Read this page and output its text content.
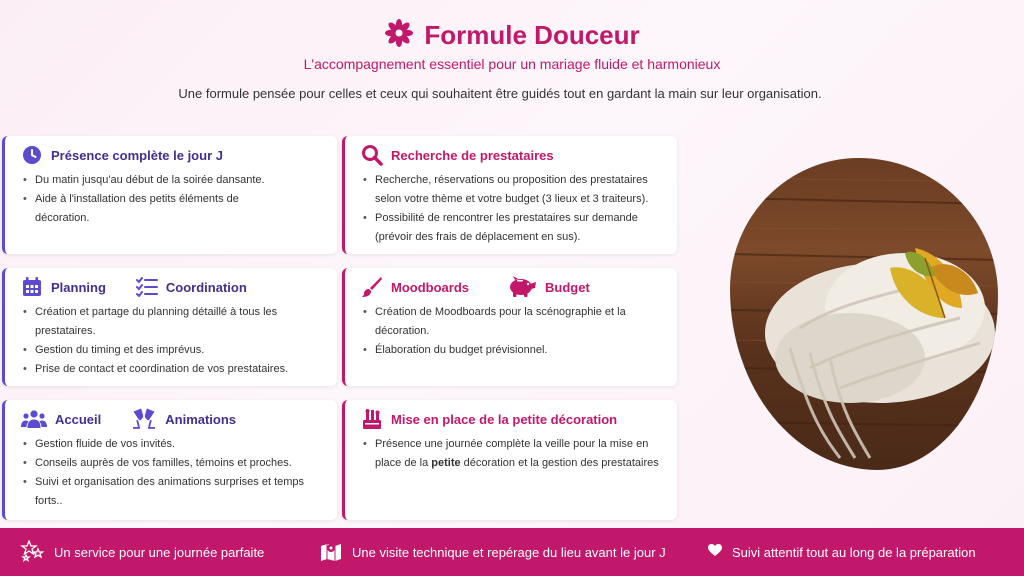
Formule Douceur
L'accompagnement essentiel pour un mariage fluide et harmonieux
Une formule pensée pour celles et ceux qui souhaitent être guidés tout en gardant la main sur leur organisation.
Présence complète le jour J
• Du matin jusqu'au début de la soirée dansante.
• Aide à l'installation des petits éléments de
décoration.
Recherche de prestataires
• Recherche, réservations ou proposition des prestataires
selon votre thème et votre budget (3 lieux et 3 traiteurs).
• Possibilité de rencontrer les prestataires sur demande
(prévoir des frais de déplacement en sus).
Planning	Coordination
• Création et partage du planning détaillé à tous les
prestataires.
• Gestion du timing et des imprévus.
• Prise de contact et coordination de vos prestataires.
Moodboards	Budget
• Création de Moodboards pour la scénographie et la
décoration.
• Élaboration du budget prévisionnel.
Accueil	Animations
• Gestion fluide de vos invités.
• Conseils auprès de vos familles, témoins et proches.
• Suivi et organisation des animations surprises et temps
forts..
Mise en place de la petite décoration
• Présence une journée complète la veille pour la mise en
place de la petite décoration et la gestion des prestataires
Un service pour une journée parfaite	Une visite technique et repérage du lieu avant le jour J	Suivi attentif tout au long de la préparation
